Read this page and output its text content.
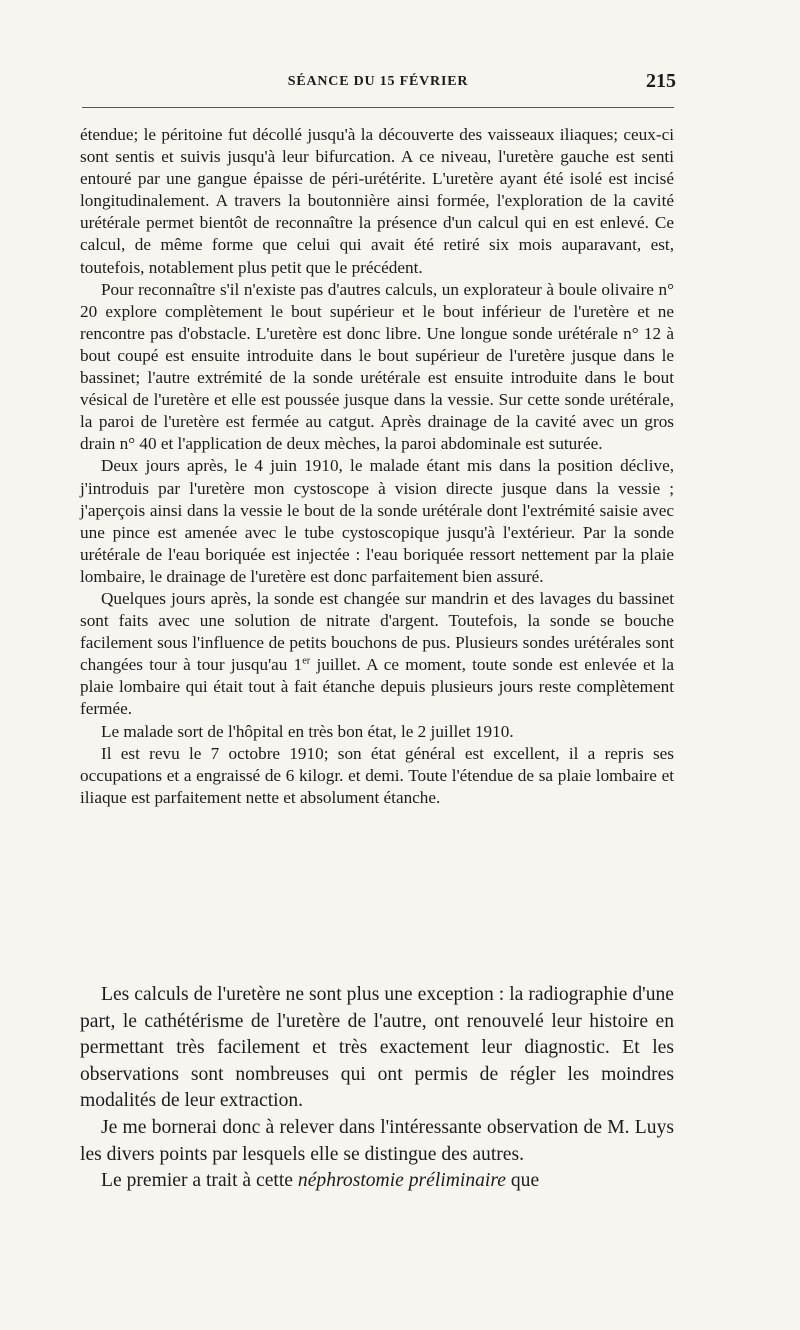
SÉANCE DU 15 FÉVRIER	215

étendue; le péritoine fut décollé jusqu'à la découverte des vaisseaux iliaques; ceux-ci sont sentis et suivis jusqu'à leur bifurcation. A ce niveau, l'uretère gauche est senti entouré par une gangue épaisse de péri-urétérite. L'uretère ayant été isolé est incisé longitudinalement. A travers la boutonnière ainsi formée, l'exploration de la cavité urétérale permet bientôt de reconnaître la présence d'un calcul qui en est enlevé. Ce calcul, de même forme que celui qui avait été retiré six mois auparavant, est, toutefois, notablement plus petit que le précédent.

Pour reconnaître s'il n'existe pas d'autres calculs, un explorateur à boule olivaire n° 20 explore complètement le bout supérieur et le bout inférieur de l'uretère et ne rencontre pas d'obstacle. L'uretère est donc libre. Une longue sonde urétérale n° 12 à bout coupé est ensuite introduite dans le bout supérieur de l'uretère jusque dans le bassinet; l'autre extrémité de la sonde urétérale est ensuite introduite dans le bout vésical de l'uretère et elle est poussée jusque dans la vessie. Sur cette sonde urétérale, la paroi de l'uretère est fermée au catgut. Après drainage de la cavité avec un gros drain n° 40 et l'application de deux mèches, la paroi abdominale est suturée.

Deux jours après, le 4 juin 1910, le malade étant mis dans la position déclive, j'introduis par l'uretère mon cystoscope à vision directe jusque dans la vessie ; j'aperçois ainsi dans la vessie le bout de la sonde urétérale dont l'extrémité saisie avec une pince est amenée avec le tube cystoscopique jusqu'à l'extérieur. Par la sonde urétérale de l'eau boriquée est injectée : l'eau boriquée ressort nettement par la plaie lombaire, le drainage de l'uretère est donc parfaitement bien assuré.

Quelques jours après, la sonde est changée sur mandrin et des lavages du bassinet sont faits avec une solution de nitrate d'argent. Toutefois, la sonde se bouche facilement sous l'influence de petits bouchons de pus. Plusieurs sondes urétérales sont changées tour à tour jusqu'au 1er juillet. A ce moment, toute sonde est enlevée et la plaie lombaire qui était tout à fait étanche depuis plusieurs jours reste complètement fermée.

Le malade sort de l'hôpital en très bon état, le 2 juillet 1910.

Il est revu le 7 octobre 1910; son état général est excellent, il a repris ses occupations et a engraissé de 6 kilogr. et demi. Toute l'étendue de sa plaie lombaire et iliaque est parfaitement nette et absolument étanche.

Les calculs de l'uretère ne sont plus une exception : la radiographie d'une part, le cathétérisme de l'uretère de l'autre, ont renouvelé leur histoire en permettant très facilement et très exactement leur diagnostic. Et les observations sont nombreuses qui ont permis de régler les moindres modalités de leur extraction.

Je me bornerai donc à relever dans l'intéressante observation de M. Luys les divers points par lesquels elle se distingue des autres.

Le premier a trait à cette néphrostomie préliminaire que
